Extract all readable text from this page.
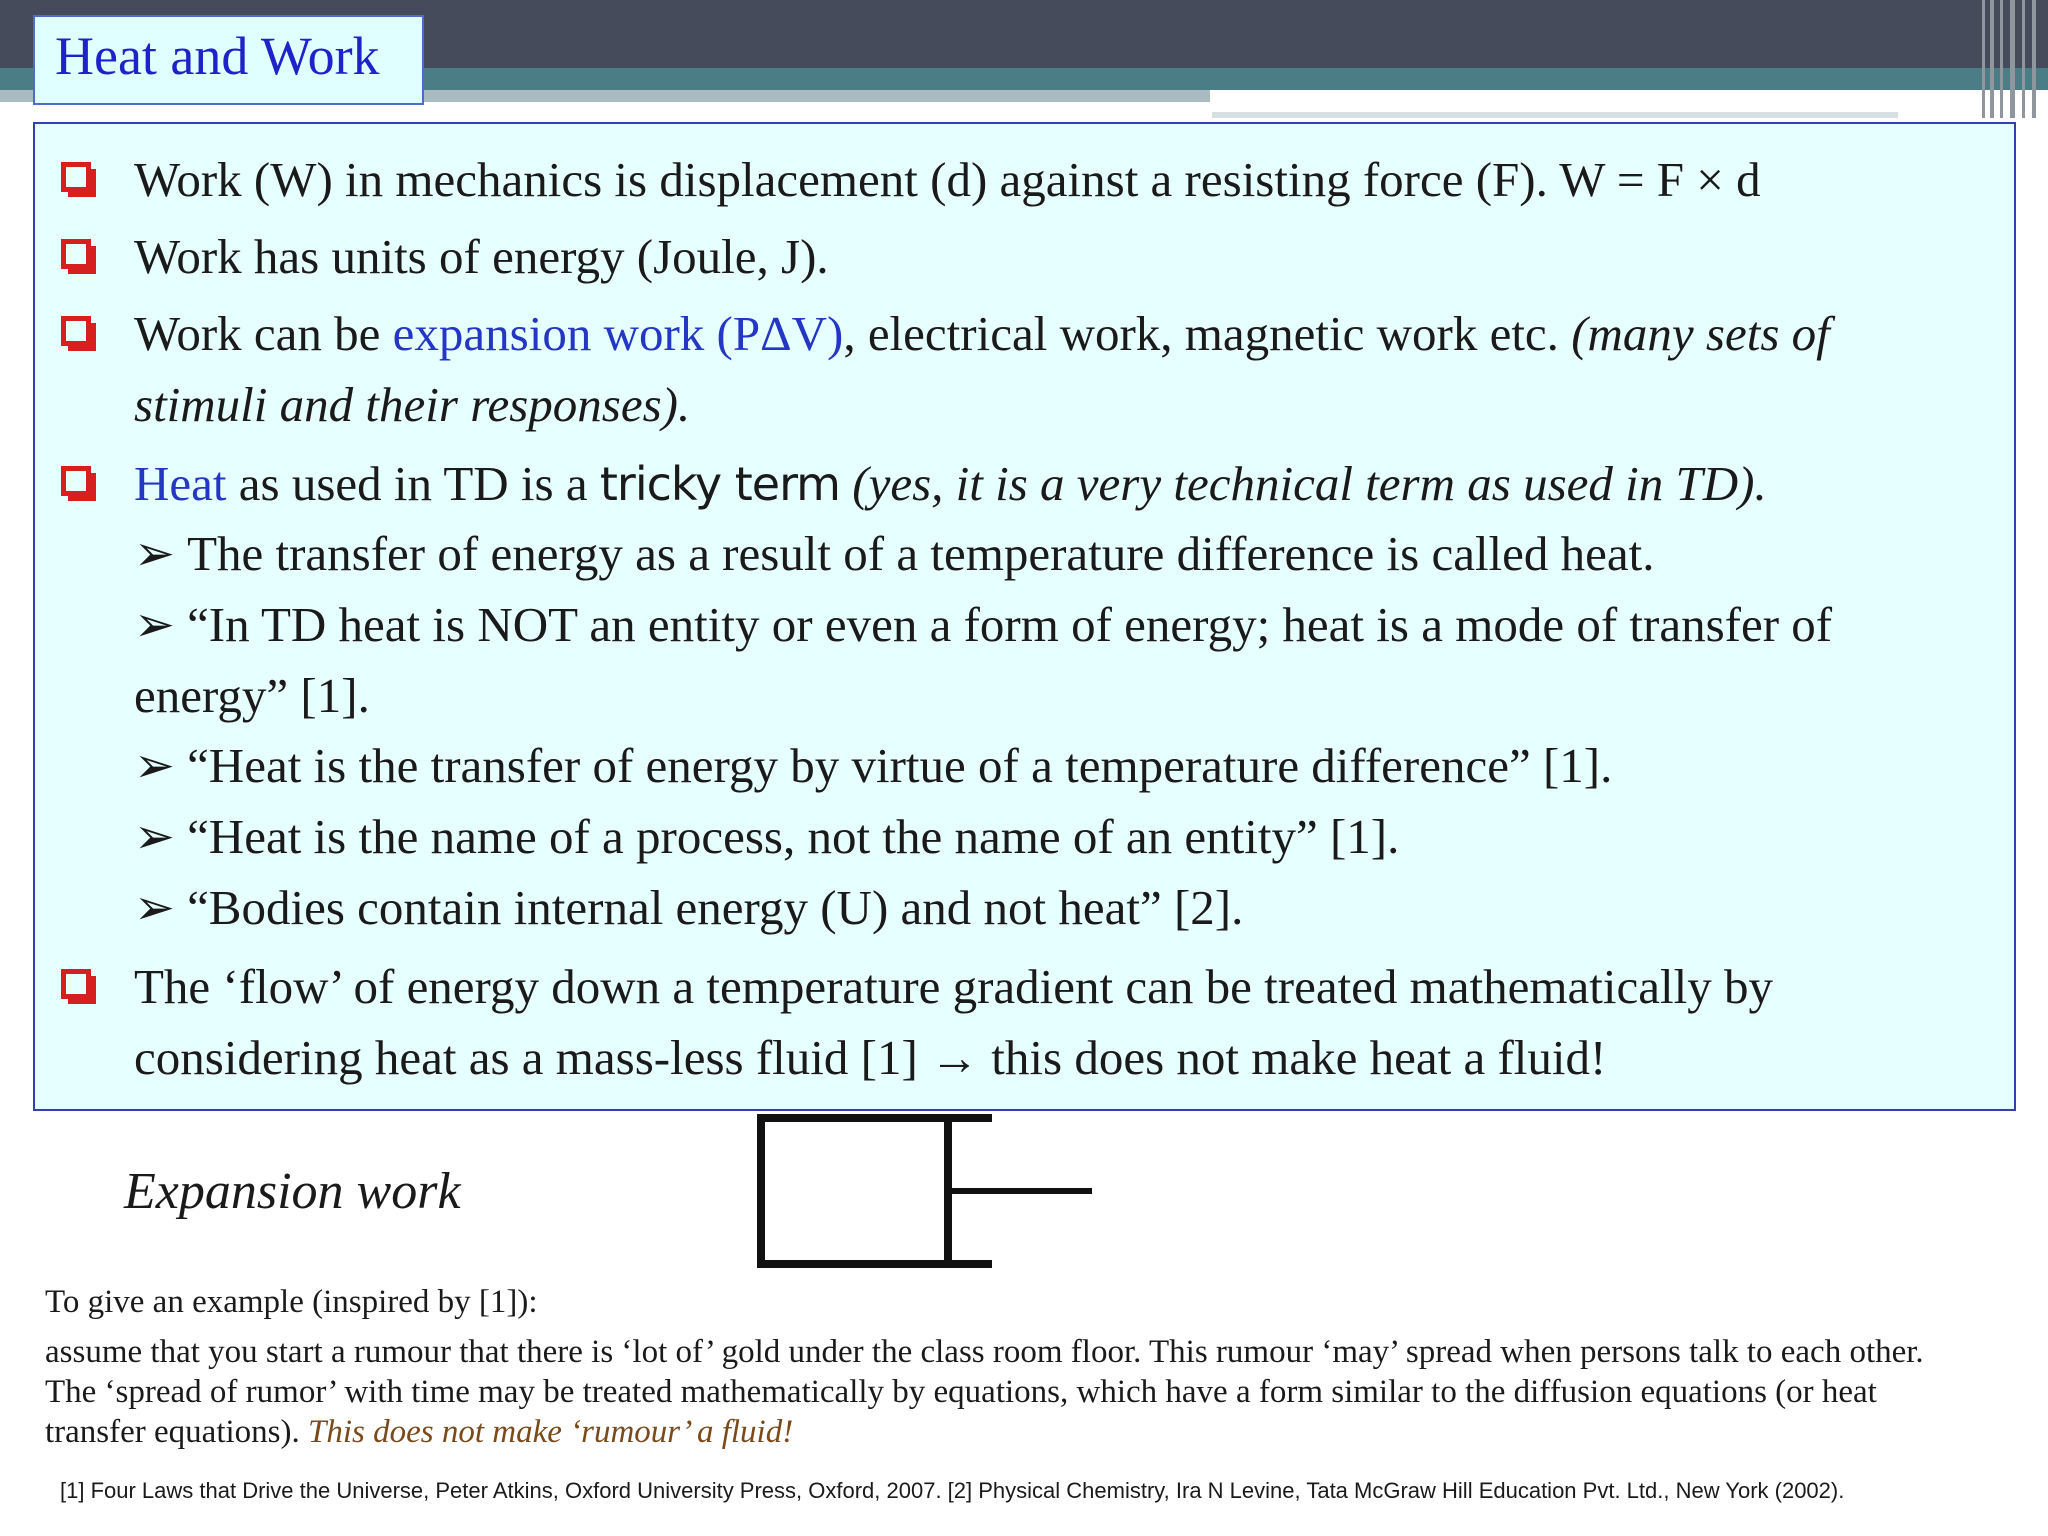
Heat and Work
Work (W) in mechanics is displacement (d) against a resisting force (F). W = F × d
Work has units of energy (Joule, J).
Work can be expansion work (PΔV), electrical work, magnetic work etc. (many sets of
stimuli and their responses).
Heat as used in TD is a tricky term (yes, it is a very technical term as used in TD).
➢ The transfer of energy as a result of a temperature difference is called heat.
➢ “In TD heat is NOT an entity or even a form of energy; heat is a mode of transfer of
energy” [1].
➢ “Heat is the transfer of energy by virtue of a temperature difference” [1].
➢ “Heat is the name of a process, not the name of an entity” [1].
➢ “Bodies contain internal energy (U) and not heat” [2].
The ‘flow’ of energy down a temperature gradient can be treated mathematically by
considering heat as a mass-less fluid [1] → this does not make heat a fluid!
Expansion work
To give an example (inspired by [1]):
assume that you start a rumour that there is ‘lot of’ gold under the class room floor. This rumour ‘may’ spread when persons talk to each other.
The ‘spread of rumor’ with time may be treated mathematically by equations, which have a form similar to the diffusion equations (or heat
transfer equations). This does not make ‘rumour’ a fluid!
[1] Four Laws that Drive the Universe, Peter Atkins, Oxford University Press, Oxford, 2007. [2] Physical Chemistry, Ira N Levine, Tata McGraw Hill Education Pvt. Ltd., New York (2002).
